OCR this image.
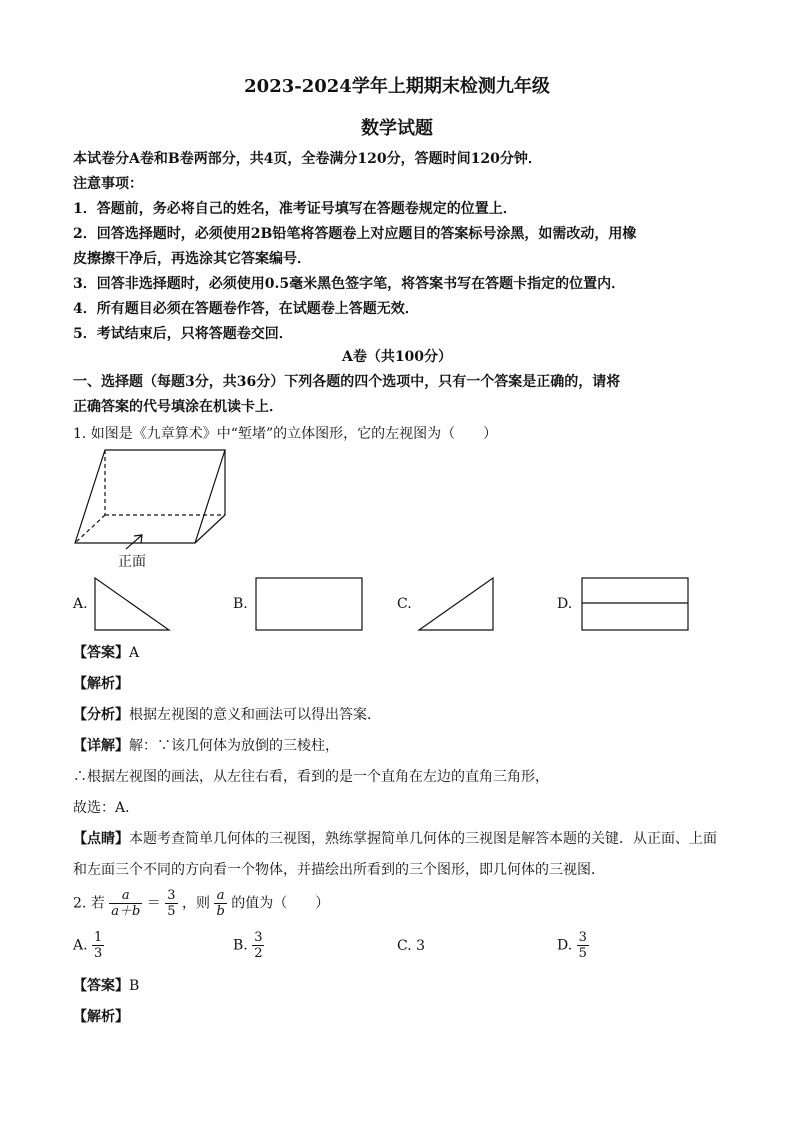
2023-2024学年上期期末检测九年级
数学试题
本试卷分A卷和B卷两部分，共4页，全卷满分120分，答题时间120分钟．
注意事项：
1．答题前，务必将自己的姓名，准考证号填写在答题卷规定的位置上．
2．回答选择题时，必须使用2B铅笔将答题卷上对应题目的答案标号涂黑，如需改动，用橡
皮擦擦干净后，再选涂其它答案编号．
3．回答非选择题时，必须使用0.5毫米黑色签字笔，将答案书写在答题卡指定的位置内．
4．所有题目必须在答题卷作答，在试题卷上答题无效．
5．考试结束后，只将答题卷交回．
A卷（共100分）
一、选择题（每题3分，共36分）下列各题的四个选项中，只有一个答案是正确的，请将
正确答案的代号填涂在机读卡上．
1. 如图是《九章算术》中“堑堵”的立体图形，它的左视图为（　　）
正面
A.	B.	C.	D.
【答案】A
【解析】
【分析】根据左视图的意义和画法可以得出答案．
【详解】解：∵该几何体为放倒的三棱柱，
∴根据左视图的画法，从左往右看，看到的是一个直角在左边的直角三角形，
故选：A．
【点睛】本题考查简单几何体的三视图，熟练掌握简单几何体的三视图是解答本题的关键．从正面、上面
和左面三个不同的方向看一个物体，并描绘出所看到的三个图形，即几何体的三视图．
2. 若 $\frac{a}{a+b} = \frac{3}{5}$ ，则 $\frac{a}{b}$ 的值为（　　）
A. $\frac{1}{3}$	B. $\frac{3}{2}$	C. 3	D. $\frac{3}{5}$
【答案】B
【解析】
